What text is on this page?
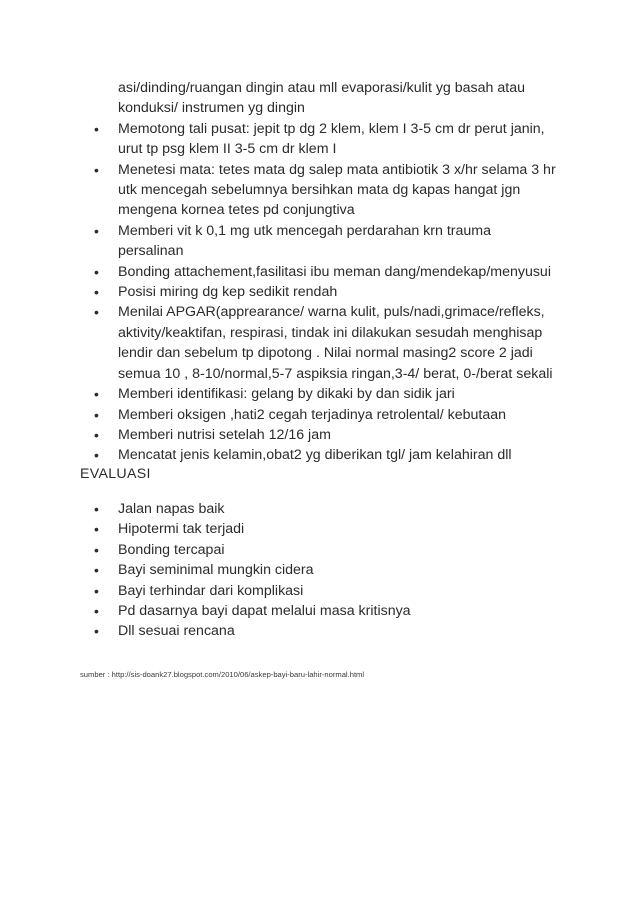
asi/dinding/ruangan dingin atau mll evaporasi/kulit yg basah atau konduksi/ instrumen yg dingin
• Memotong tali pusat: jepit tp dg 2 klem, klem I 3-5 cm dr perut janin, urut tp psg klem II 3-5 cm dr klem I
• Menetesi mata: tetes mata dg salep mata antibiotik 3 x/hr selama 3 hr utk mencegah sebelumnya bersihkan mata dg kapas hangat jgn mengena kornea tetes pd conjungtiva
• Memberi vit k 0,1 mg utk mencegah perdarahan krn trauma persalinan
• Bonding attachement,fasilitasi ibu meman dang/mendekap/menyusui
• Posisi miring dg kep sedikit rendah
• Menilai APGAR(apprearance/ warna kulit, puls/nadi,grimace/refleks, aktivity/keaktifan, respirasi, tindak ini dilakukan sesudah menghisap lendir dan sebelum tp dipotong . Nilai normal masing2 score 2 jadi semua 10 , 8-10/normal,5-7 aspiksia ringan,3-4/ berat, 0-/berat sekali
• Memberi identifikasi: gelang by dikaki by dan sidik jari
• Memberi oksigen ,hati2 cegah terjadinya retrolental/ kebutaan
• Memberi nutrisi setelah 12/16 jam
• Mencatat jenis kelamin,obat2 yg diberikan tgl/ jam kelahiran dll
EVALUASI
• Jalan napas baik
• Hipotermi tak terjadi
• Bonding tercapai
• Bayi seminimal mungkin cidera
• Bayi terhindar dari komplikasi
• Pd dasarnya bayi dapat melalui masa kritisnya
• Dll sesuai rencana
sumber : http://sis-doank27.blogspot.com/2010/06/askep-bayi-baru-lahir-normal.html
